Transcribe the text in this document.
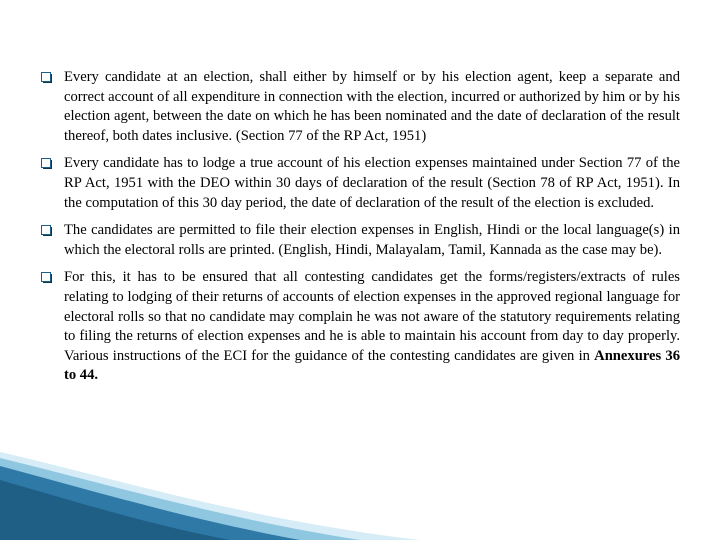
Every candidate at an election, shall either by himself or by his election agent, keep a separate and correct account of all expenditure in connection with the election, incurred or authorized by him or by his election agent, between the date on which he has been nominated and the date of declaration of the result thereof, both dates inclusive. (Section 77 of the RP Act, 1951)
Every candidate has to lodge a true account of his election expenses maintained under Section 77 of the RP Act, 1951 with the DEO within 30 days of declaration of the result (Section 78 of RP Act, 1951). In the computation of this 30 day period, the date of declaration of the result of the election is excluded.
The candidates are permitted to file their election expenses in English, Hindi or the local language(s) in which the electoral rolls are printed. (English, Hindi, Malayalam, Tamil, Kannada as the case may be).
For this, it has to be ensured that all contesting candidates get the forms/registers/extracts of rules relating to lodging of their returns of accounts of election expenses in the approved regional language for electoral rolls so that no candidate may complain he was not aware of the statutory requirements relating to filing the returns of election expenses and he is able to maintain his account from day to day properly. Various instructions of the ECI for the guidance of the contesting candidates are given in Annexures 36 to 44.
